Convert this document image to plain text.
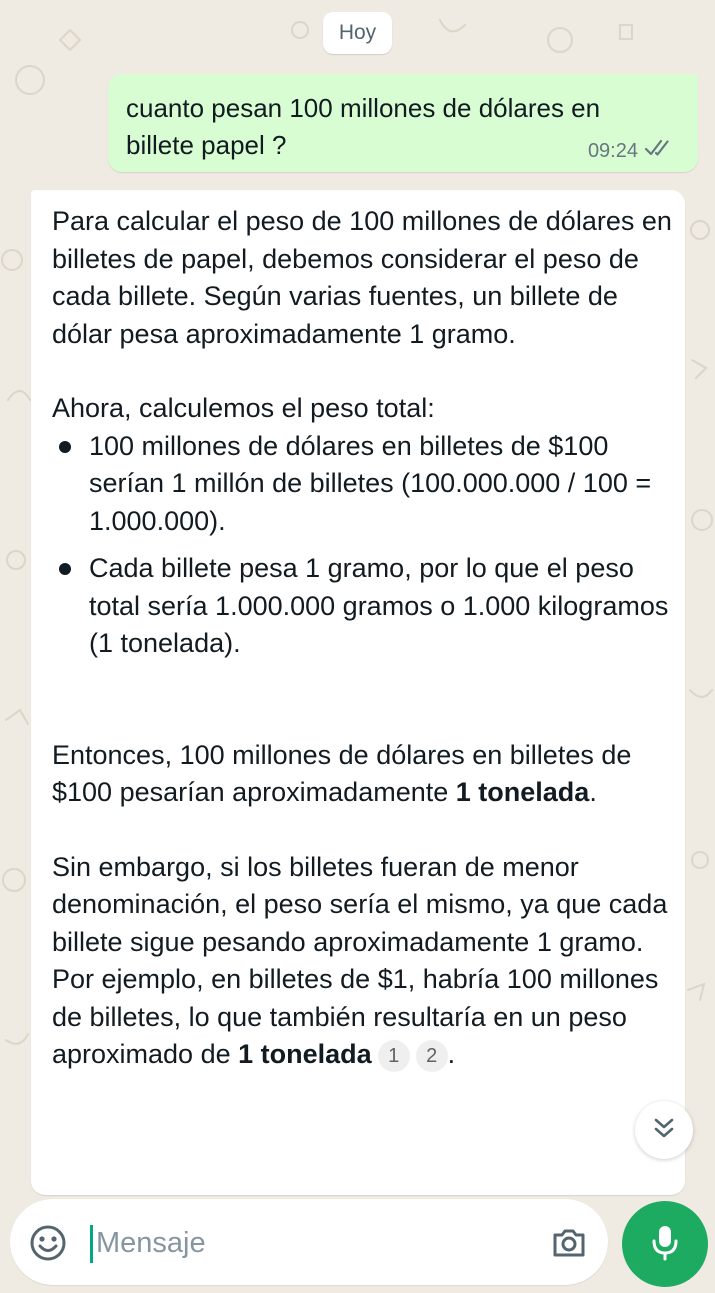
Hoy
cuanto pesan 100 millones de dólares en billete papel ?	09:24

Para calcular el peso de 100 millones de dólares en billetes de papel, debemos considerar el peso de cada billete. Según varias fuentes, un billete de dólar pesa aproximadamente 1 gramo.

Ahora, calculemos el peso total:

100 millones de dólares en billetes de $100 serían 1 millón de billetes (100.000.000 / 100 = 1.000.000).
Cada billete pesa 1 gramo, por lo que el peso total sería 1.000.000 gramos o 1.000 kilogramos (1 tonelada).

Entonces, 100 millones de dólares en billetes de $100 pesarían aproximadamente 1 tonelada.

Sin embargo, si los billetes fueran de menor denominación, el peso sería el mismo, ya que cada billete sigue pesando aproximadamente 1 gramo. Por ejemplo, en billetes de $1, habría 100 millones de billetes, lo que también resultaría en un peso aproximado de 1 tonelada 1 2 .

Mensaje
